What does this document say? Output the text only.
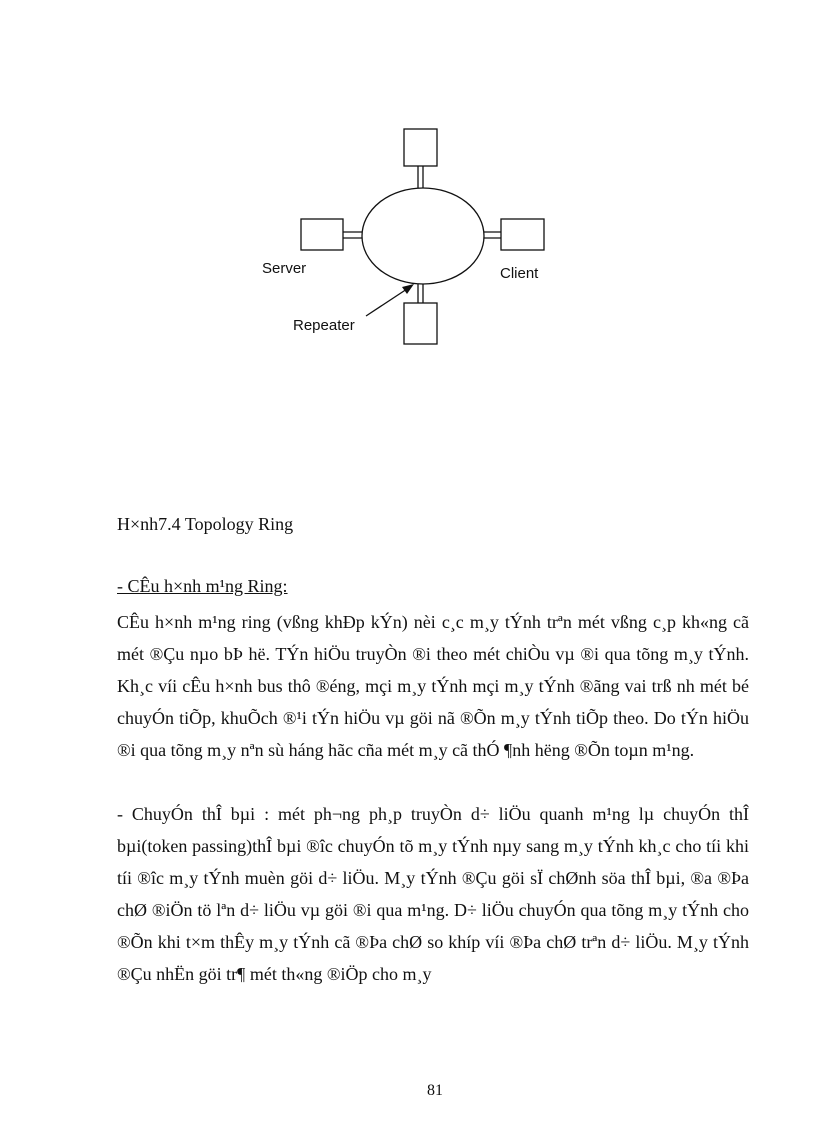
Server	Client
Repeater
H×nh7.4 Topology Ring
- CÊu h×nh m¹ng Ring:

CÊu h×nh m¹ng ring (vßng khÐp kÝn) nèi c¸c m¸y tÝnh trªn mét vßng c¸p kh«ng cã mét ®Çu nµo bÞ hë. TÝn hiÖu truyÒn ®i theo mét chiÒu vµ ®i qua tõng m¸y tÝnh. Kh¸c víi cÊu h×nh bus thô ®éng, mçi m¸y tÝnh mçi m¸y tÝnh ®ãng vai trß nh mét bé chuyÓn tiÕp, khuÕch ®¹i tÝn hiÖu vµ göi nã ®Õn m¸y tÝnh tiÕp theo. Do tÝn hiÖu ®i qua tõng m¸y nªn sù háng hãc cña mét m¸y cã thÓ ¶nh hëng ®Õn toµn m¹ng.

- ChuyÓn thÎ bµi : mét ph¬ng ph¸p truyÒn d÷ liÖu quanh m¹ng lµ chuyÓn thÎ bµi(token passing)thÎ bµi ®îc chuyÓn tõ m¸y tÝnh nµy sang m¸y tÝnh kh¸c cho tíi khi tíi ®îc m¸y tÝnh muèn göi d÷ liÖu. M¸y tÝnh ®Çu göi sÏ chØnh söa thÎ bµi, ®a ®Þa chØ ®iÖn tö lªn d÷ liÖu vµ göi ®i qua m¹ng. D÷ liÖu chuyÓn qua tõng m¸y tÝnh cho ®Õn khi t×m thÊy m¸y tÝnh cã ®Þa chØ so khíp víi ®Þa chØ trªn d÷ liÖu. M¸y tÝnh ®Çu nhËn göi tr¶ mét th«ng ®iÖp cho m¸y

81
